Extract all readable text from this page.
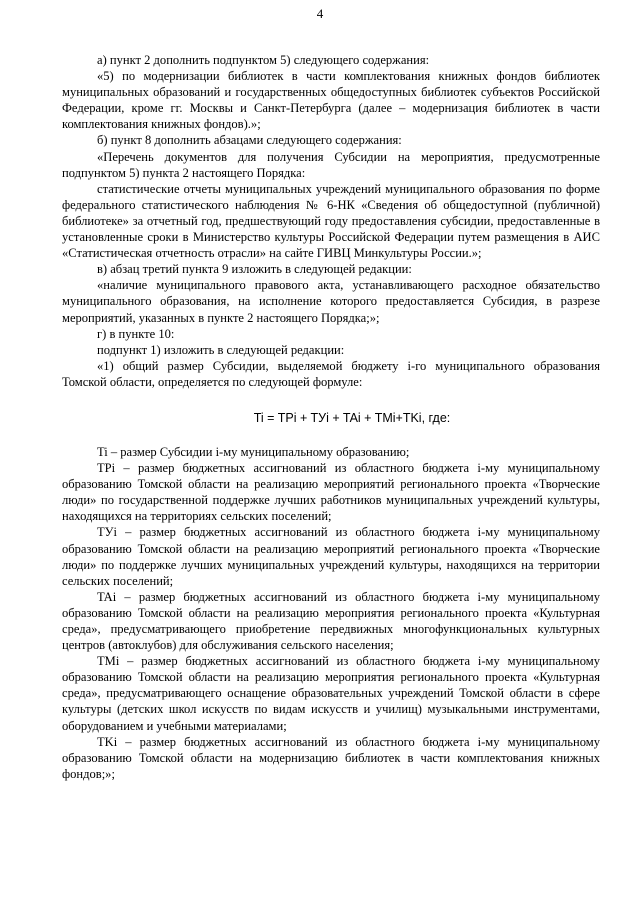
4

а) пункт 2 дополнить подпунктом 5) следующего содержания:

«5) по модернизации библиотек в части комплектования книжных фондов библиотек муниципальных образований и государственных общедоступных библиотек субъектов Российской Федерации, кроме гг. Москвы и Санкт-Петербурга (далее – модернизация библиотек в части комплектования книжных фондов).»;

б) пункт 8 дополнить абзацами следующего содержания:

«Перечень документов для получения Субсидии на мероприятия, предусмотренные подпунктом 5) пункта 2 настоящего Порядка:

статистические отчеты муниципальных учреждений муниципального образования по форме федерального статистического наблюдения № 6-НК «Сведения об общедоступной (публичной) библиотеке» за отчетный год, предшествующий году предоставления субсидии, предоставленные в установленные сроки в Министерство культуры Российской Федерации путем размещения в АИС «Статистическая отчетность отрасли» на сайте ГИВЦ Минкультуры России.»;

в) абзац третий пункта 9 изложить в следующей редакции:

«наличие муниципального правового акта, устанавливающего расходное обязательство муниципального образования, на исполнение которого предоставляется Субсидия, в разрезе мероприятий, указанных в пункте 2 настоящего Порядка;»;

г) в пункте 10:

подпункт 1) изложить в следующей редакции:

«1) общий размер Субсидии, выделяемой бюджету i-го муниципального образования Томской области, определяется по следующей формуле:

Ti = TPi + TУi + TAi + TMi+TKi, где:

Ti – размер Субсидии i-му муниципальному образованию;

TPi – размер бюджетных ассигнований из областного бюджета i-му муниципальному образованию Томской области на реализацию мероприятий регионального проекта «Творческие люди» по государственной поддержке лучших работников муниципальных учреждений культуры, находящихся на территориях сельских поселений;

TУi – размер бюджетных ассигнований из областного бюджета i-му муниципальному образованию Томской области на реализацию мероприятий регионального проекта «Творческие люди» по поддержке лучших муниципальных учреждений культуры, находящихся на территории сельских поселений;

TAi – размер бюджетных ассигнований из областного бюджета i-му муниципальному образованию Томской области на реализацию мероприятия регионального проекта «Культурная среда», предусматривающего приобретение передвижных многофункциональных культурных центров (автоклубов) для обслуживания сельского населения;

TMi – размер бюджетных ассигнований из областного бюджета i-му муниципальному образованию Томской области на реализацию мероприятия регионального проекта «Культурная среда», предусматривающего оснащение образовательных учреждений Томской области в сфере культуры (детских школ искусств по видам искусств и училищ) музыкальными инструментами, оборудованием и учебными материалами;

TKi – размер бюджетных ассигнований из областного бюджета i-му муниципальному образованию Томской области на модернизацию библиотек в части комплектования книжных фондов;»;
